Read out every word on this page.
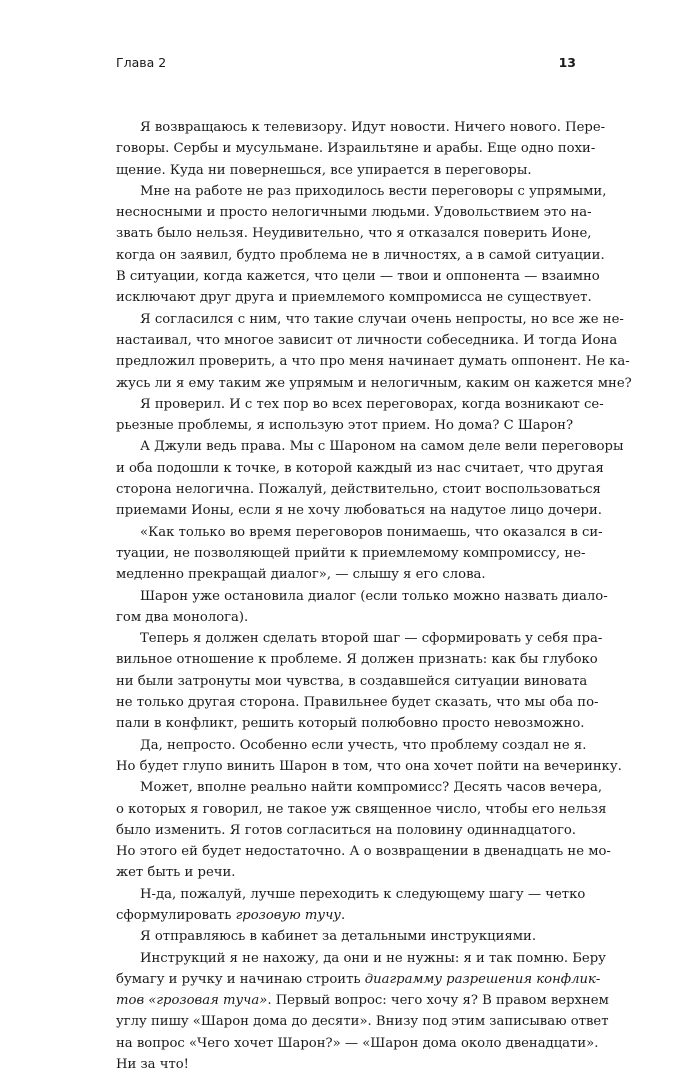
Глава 2	13
Я возвращаюсь к телевизору. Идут новости. Ничего нового. Пере-
говоры. Сербы и мусульмане. Израильтяне и арабы. Еще одно похи-
щение. Куда ни повернешься, все упирается в переговоры.
Мне на работе не раз приходилось вести переговоры с упрямыми,
несносными и просто нелогичными людьми. Удовольствием это на-
звать было нельзя. Неудивительно, что я отказался поверить Ионе,
когда он заявил, будто проблема не в личностях, а в самой ситуации.
В ситуации, когда кажется, что цели — твои и оппонента — взаимно
исключают друг друга и приемлемого компромисса не существует.
Я согласился с ним, что такие случаи очень непросты, но все же не-
настаивал, что многое зависит от личности собеседника. И тогда Иона
предложил проверить, а что про меня начинает думать оппонент. Не ка-
жусь ли я ему таким же упрямым и нелогичным, каким он кажется мне?
Я проверил. И с тех пор во всех переговорах, когда возникают се-
рьезные проблемы, я использую этот прием. Но дома? С Шарон?
А Джули ведь права. Мы с Шароном на самом деле вели переговоры
и оба подошли к точке, в которой каждый из нас считает, что другая
сторона нелогична. Пожалуй, действительно, стоит воспользоваться
приемами Ионы, если я не хочу любоваться на надутое лицо дочери.
«Как только во время переговоров понимаешь, что оказался в си-
туации, не позволяющей прийти к приемлемому компромиссу, не-
медленно прекращай диалог», — слышу я его слова.
Шарон уже остановила диалог (если только можно назвать диало-
гом два монолога).
Теперь я должен сделать второй шаг — сформировать у себя пра-
вильное отношение к проблеме. Я должен признать: как бы глубоко
ни были затронуты мои чувства, в создавшейся ситуации виновата
не только другая сторона. Правильнее будет сказать, что мы оба по-
пали в конфликт, решить который полюбовно просто невозможно.
Да, непросто. Особенно если учесть, что проблему создал не я.
Но будет глупо винить Шарон в том, что она хочет пойти на вечеринку.
Может, вполне реально найти компромисс? Десять часов вечера,
о которых я говорил, не такое уж священное число, чтобы его нельзя
было изменить. Я готов согласиться на половину одиннадцатого.
Но этого ей будет недостаточно. А о возвращении в двенадцать не мо-
жет быть и речи.
Н-да, пожалуй, лучше переходить к следующему шагу — четко
сформулировать грозовую тучу.
Я отправляюсь в кабинет за детальными инструкциями.
Инструкций я не нахожу, да они и не нужны: я и так помню. Беру
бумагу и ручку и начинаю строить диаграмму разрешения конфлик-
тов «грозовая туча». Первый вопрос: чего хочу я? В правом верхнем
углу пишу «Шарон дома до десяти». Внизу под этим записываю ответ
на вопрос «Чего хочет Шарон?» — «Шарон дома около двенадцати».
Ни за что!
